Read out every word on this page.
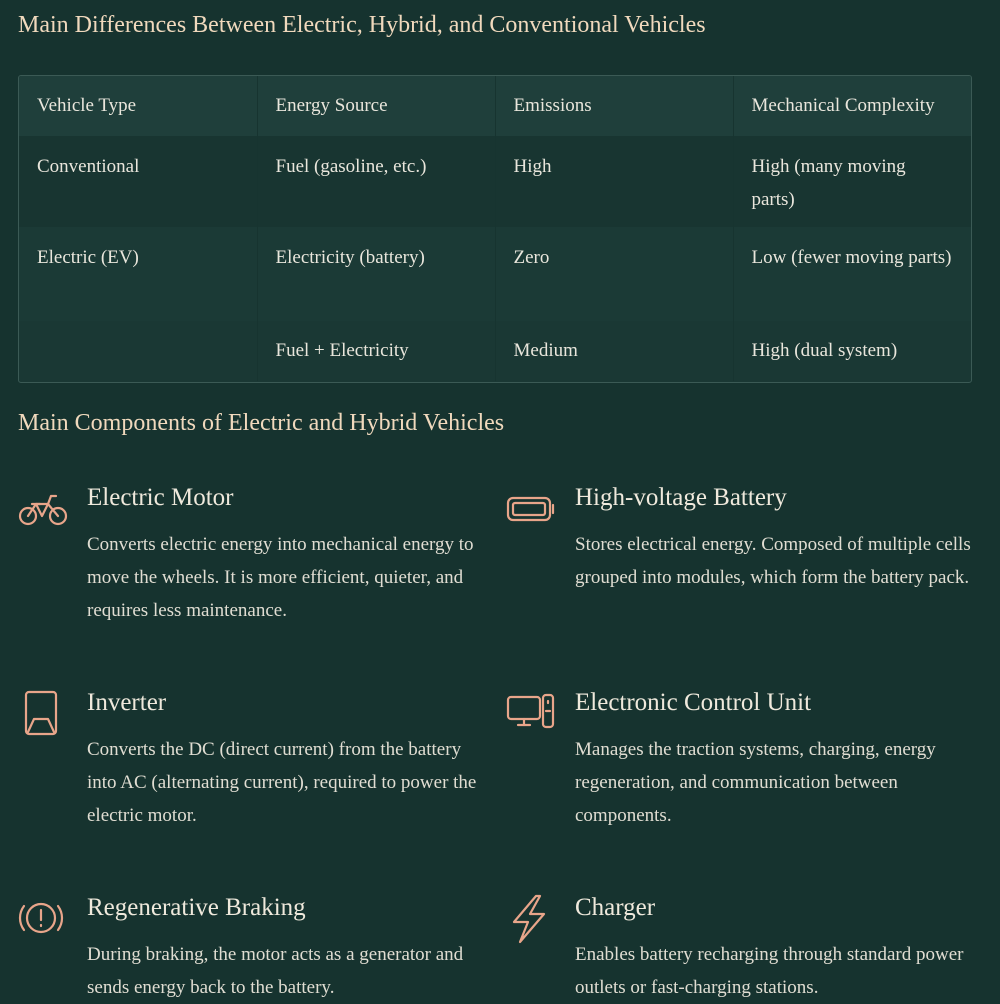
Main Differences Between Electric, Hybrid, and Conventional Vehicles
Vehicle Type	Energy Source	Emissions	Mechanical Complexity
Conventional	Fuel (gasoline, etc.)	High	High (many moving parts)
Electric (EV)	Electricity (battery)	Zero	Low (fewer moving parts)
	Fuel + Electricity	Medium	High (dual system)
Main Components of Electric and Hybrid Vehicles
Electric Motor

Converts electric energy into mechanical energy to move the wheels. It is more efficient, quieter, and requires less maintenance.

High-voltage Battery

Stores electrical energy. Composed of multiple cells grouped into modules, which form the battery pack.

Inverter

Converts the DC (direct current) from the battery into AC (alternating current), required to power the electric motor.

Electronic Control Unit

Manages the traction systems, charging, energy regeneration, and communication between components.

Regenerative Braking

During braking, the motor acts as a generator and sends energy back to the battery.

Charger

Enables battery recharging through standard power outlets or fast-charging stations.
